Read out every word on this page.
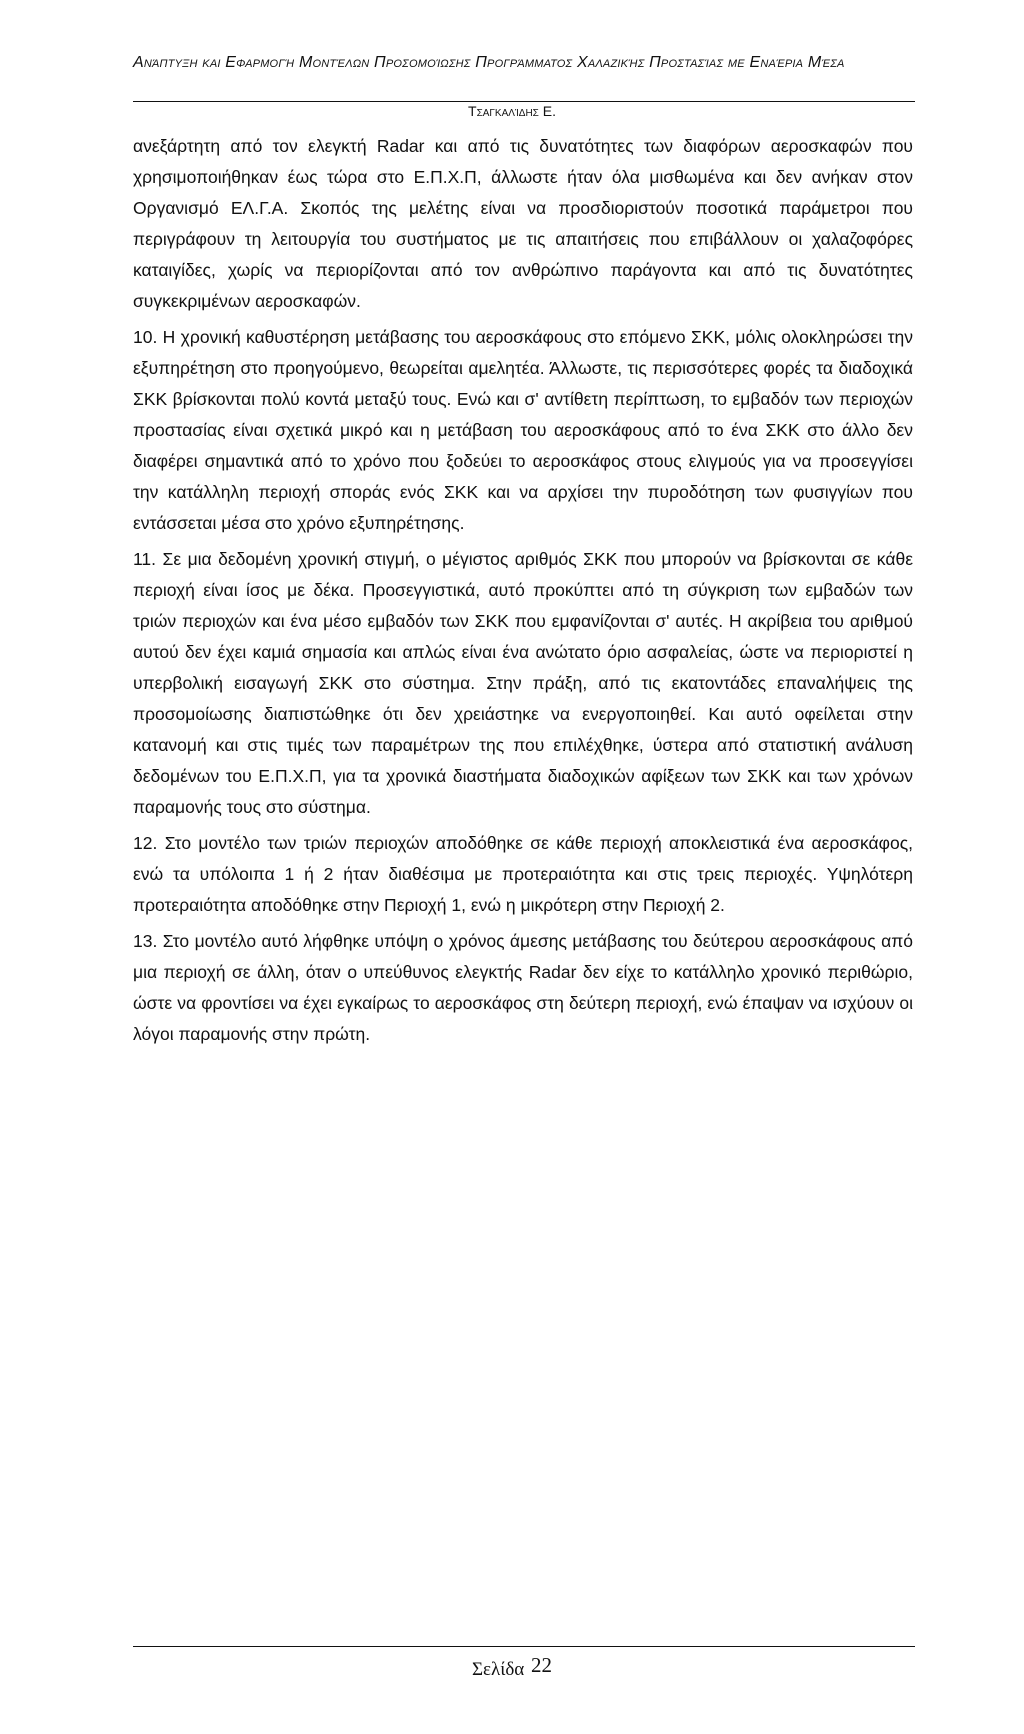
Ανάπτυξη και Εφαρμογή Μοντέλων Προσομοίωσης Προγράμματος Χαλαζικής Προστασίας με Εναέρια Μέσα
Τσαγκαλίδης Ε.

ανεξάρτητη από τον ελεγκτή Radar και από τις δυνατότητες των διαφόρων αεροσκαφών που χρησιμοποιήθηκαν έως τώρα στο Ε.Π.Χ.Π, άλλωστε ήταν όλα μισθωμένα και δεν ανήκαν στον Οργανισμό ΕΛ.Γ.Α. Σκοπός της μελέτης είναι να προσδιοριστούν ποσοτικά παράμετροι που περιγράφουν τη λειτουργία του συστήματος με τις απαιτήσεις που επιβάλλουν οι χαλαζοφόρες καταιγίδες, χωρίς να περιορίζονται από τον ανθρώπινο παράγοντα και από τις δυνατότητες συγκεκριμένων αεροσκαφών.

10. Η χρονική καθυστέρηση μετάβασης του αεροσκάφους στο επόμενο ΣΚΚ, μόλις ολοκληρώσει την εξυπηρέτηση στο προηγούμενο, θεωρείται αμελητέα. Άλλωστε, τις περισσότερες φορές τα διαδοχικά ΣΚΚ βρίσκονται πολύ κοντά μεταξύ τους. Ενώ και σ' αντίθετη περίπτωση, το εμβαδόν των περιοχών προστασίας είναι σχετικά μικρό και η μετάβαση του αεροσκάφους από το ένα ΣΚΚ στο άλλο δεν διαφέρει σημαντικά από το χρόνο που ξοδεύει το αεροσκάφος στους ελιγμούς για να προσεγγίσει την κατάλληλη περιοχή σποράς ενός ΣΚΚ και να αρχίσει την πυροδότηση των φυσιγγίων που εντάσσεται μέσα στο χρόνο εξυπηρέτησης.

11. Σε μια δεδομένη χρονική στιγμή, ο μέγιστος αριθμός ΣΚΚ που μπορούν να βρίσκονται σε κάθε περιοχή είναι ίσος με δέκα. Προσεγγιστικά, αυτό προκύπτει από τη σύγκριση των εμβαδών των τριών περιοχών και ένα μέσο εμβαδόν των ΣΚΚ που εμφανίζονται σ' αυτές. Η ακρίβεια του αριθμού αυτού δεν έχει καμιά σημασία και απλώς είναι ένα ανώτατο όριο ασφαλείας, ώστε να περιοριστεί η υπερβολική εισαγωγή ΣΚΚ στο σύστημα. Στην πράξη, από τις εκατοντάδες επαναλήψεις της προσομοίωσης διαπιστώθηκε ότι δεν χρειάστηκε να ενεργοποιηθεί. Και αυτό οφείλεται στην κατανομή και στις τιμές των παραμέτρων της που επιλέχθηκε, ύστερα από στατιστική ανάλυση δεδομένων του Ε.Π.Χ.Π, για τα χρονικά διαστήματα διαδοχικών αφίξεων των ΣΚΚ και των χρόνων παραμονής τους στο σύστημα.

12. Στο μοντέλο των τριών περιοχών αποδόθηκε σε κάθε περιοχή αποκλειστικά ένα αεροσκάφος, ενώ τα υπόλοιπα 1 ή 2 ήταν διαθέσιμα με προτεραιότητα και στις τρεις περιοχές. Υψηλότερη προτεραιότητα αποδόθηκε στην Περιοχή 1, ενώ η μικρότερη στην Περιοχή 2.

13. Στο μοντέλο αυτό λήφθηκε υπόψη ο χρόνος άμεσης μετάβασης του δεύτερου αεροσκάφους από μια περιοχή σε άλλη, όταν ο υπεύθυνος ελεγκτής Radar δεν είχε το κατάλληλο χρονικό περιθώριο, ώστε να φροντίσει να έχει εγκαίρως το αεροσκάφος στη δεύτερη περιοχή, ενώ έπαψαν να ισχύουν οι λόγοι παραμονής στην πρώτη.

Σελίδα 22
